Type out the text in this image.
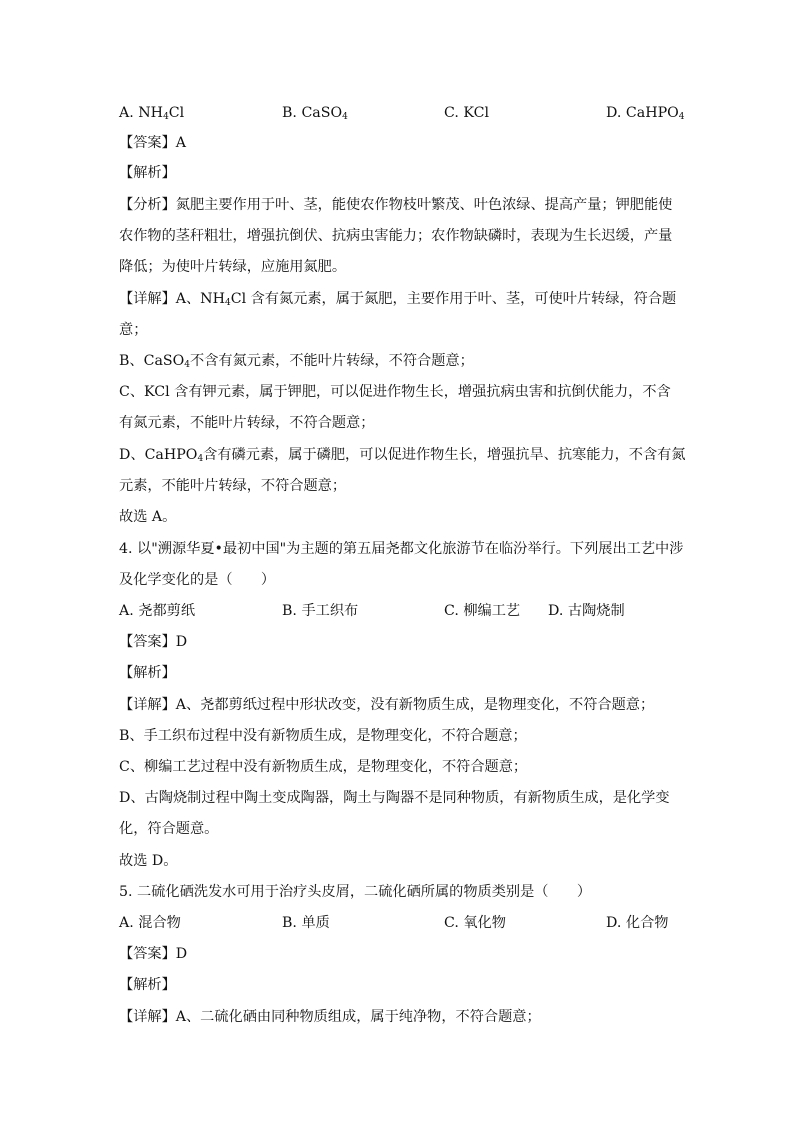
A. $NH_4Cl$	B. CaSO$_4$	C. KCl	D. CaHPO$_4$
【答案】A
【解析】
【分析】氮肥主要作用于叶、茎，能使农作物枝叶繁茂、叶色浓绿、提高产量；钾肥能使
农作物的茎秆粗壮，增强抗倒伏、抗病虫害能力；农作物缺磷时，表现为生长迟缓，产量
降低；为使叶片转绿，应施用氮肥。
【详解】A、$NH_4Cl$ 含有氮元素，属于氮肥，主要作用于叶、茎，可使叶片转绿，符合题
意；
B、CaSO$_4$不含有氮元素，不能叶片转绿，不符合题意；
C、KCl 含有钾元素，属于钾肥，可以促进作物生长，增强抗病虫害和抗倒伏能力，不含
有氮元素，不能叶片转绿，不符合题意；
D、CaHPO$_4$含有磷元素，属于磷肥，可以促进作物生长，增强抗旱、抗寒能力，不含有氮
元素，不能叶片转绿，不符合题意；
故选 A。
4. 以"溯源华夏•最初中国"为主题的第五届尧都文化旅游节在临汾举行。下列展出工艺中涉
及化学变化的是（　　）
A. 尧都剪纸	B. 手工织布	C. 柳编工艺 D. 古陶烧制
【答案】D
【解析】
【详解】A、尧都剪纸过程中形状改变，没有新物质生成，是物理变化，不符合题意；
B、手工织布过程中没有新物质生成，是物理变化，不符合题意；
C、柳编工艺过程中没有新物质生成，是物理变化，不符合题意；
D、古陶烧制过程中陶土变成陶器，陶土与陶器不是同种物质，有新物质生成，是化学变
化，符合题意。
故选 D。
5. 二硫化硒洗发水可用于治疗头皮屑，二硫化硒所属的物质类别是（　　）
A. 混合物	B. 单质	C. 氧化物	D. 化合物
【答案】D
【解析】
【详解】A、二硫化硒由同种物质组成，属于纯净物，不符合题意；
